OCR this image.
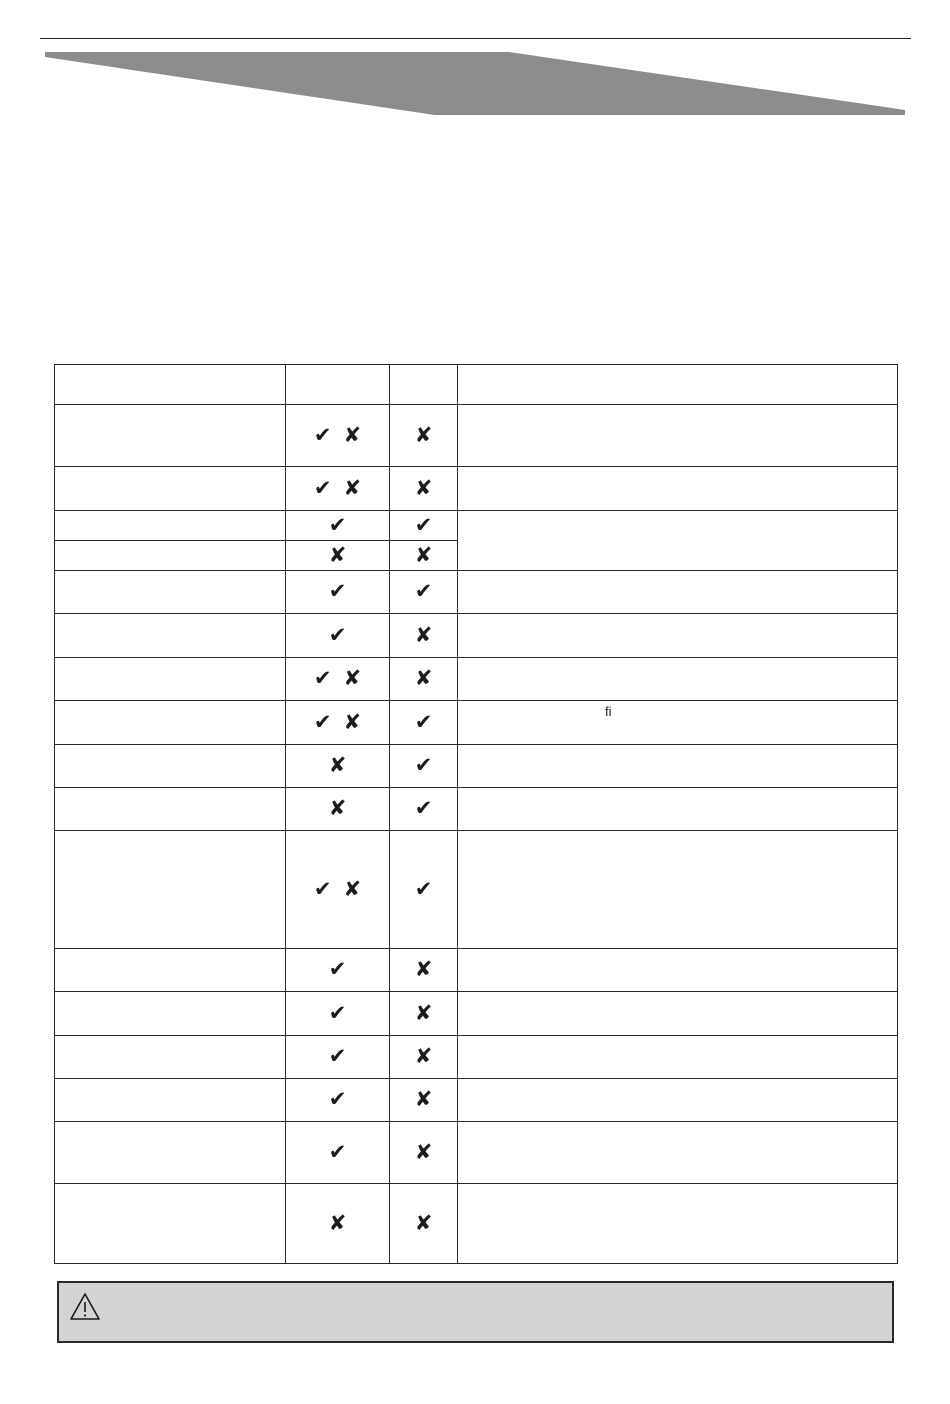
	✔ ✘	✘	
	✔ ✘	✘	
	✔	✔	
	✘	✘	
	✔	✔	
	✔	✘	
	✔ ✘	✘	
	✔ ✘	✔	ﬁ

	✘	✔	
	✘	✔	
	✔ ✘	✔	
	✔	✘	
	✔	✘	
	✔	✘	
	✔	✘	
	✔	✘	
	✘	✘	
